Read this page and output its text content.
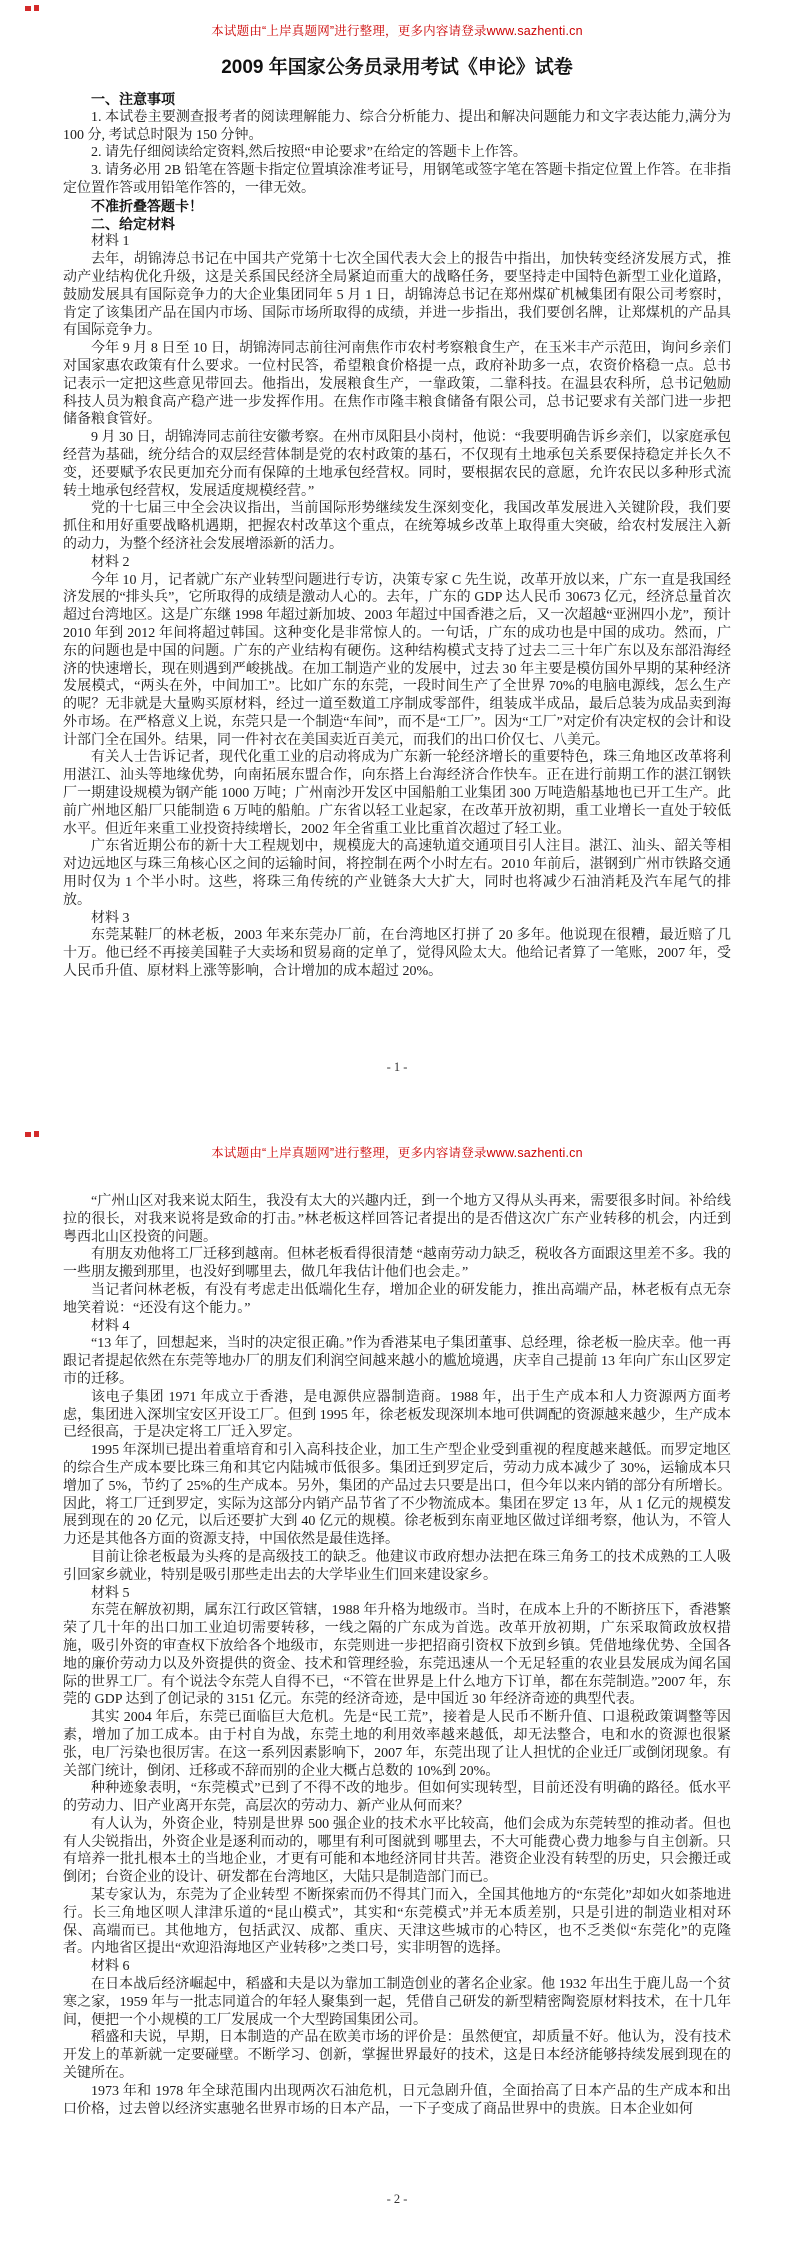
本试题由“上岸真题网”进行整理，更多内容请登录www.sazhenti.cn
2009 年国家公务员录用考试《申论》试卷

一、注意事项

1. 本试卷主要测查报考者的阅读理解能力、综合分析能力、提出和解决问题能力和文字表达能力,满分为 100 分, 考试总时限为 150 分钟。

2. 请先仔细阅读给定资料,然后按照“申论要求”在给定的答题卡上作答。

3. 请务必用 2B 铅笔在答题卡指定位置填涂准考证号，用钢笔或签字笔在答题卡指定位置上作答。在非指定位置作答或用铅笔作答的，一律无效。

不准折叠答题卡！

二、给定材料

材料 1

去年，胡锦涛总书记在中国共产党第十七次全国代表大会上的报告中指出，加快转变经济发展方式，推动产业结构优化升级，这是关系国民经济全局紧迫而重大的战略任务，要坚持走中国特色新型工业化道路，鼓励发展具有国际竞争力的大企业集团同年 5 月 1 日，胡锦涛总书记在郑州煤矿机械集团有限公司考察时，肯定了该集团产品在国内市场、国际市场所取得的成绩，并进一步指出，我们要创名牌，让郑煤机的产品具有国际竞争力。

今年 9 月 8 日至 10 日，胡锦涛同志前往河南焦作市农村考察粮食生产，在玉米丰产示范田，询问乡亲们对国家惠农政策有什么要求。一位村民答，希望粮食价格提一点，政府补助多一点，农资价格稳一点。总书记表示一定把这些意见带回去。他指出，发展粮食生产，一靠政策，二靠科技。在温县农科所，总书记勉励科技人员为粮食高产稳产进一步发挥作用。在焦作市隆丰粮食储备有限公司，总书记要求有关部门进一步把储备粮食管好。

9 月 30 日，胡锦涛同志前往安徽考察。在州市凤阳县小岗村，他说：“我要明确告诉乡亲们，以家庭承包经营为基础，统分结合的双层经营体制是党的农村政策的基石，不仅现有土地承包关系要保持稳定并长久不变，还要赋予农民更加充分而有保障的土地承包经营权。同时，要根据农民的意愿，允许农民以多种形式流转土地承包经营权，发展适度规模经营。”

党的十七届三中全会决议指出，当前国际形势继续发生深刻变化，我国改革发展进入关键阶段，我们要抓住和用好重要战略机遇期，把握农村改革这个重点，在统筹城乡改革上取得重大突破，给农村发展注入新的动力，为整个经济社会发展增添新的活力。

材料 2

今年 10 月，记者就广东产业转型问题进行专访，决策专家 C 先生说，改革开放以来，广东一直是我国经济发展的“排头兵”，它所取得的成绩是激动人心的。去年，广东的 GDP 达人民币 30673 亿元，经济总量首次超过台湾地区。这是广东继 1998 年超过新加坡、2003 年超过中国香港之后，又一次超越“亚洲四小龙”，预计 2010 年到 2012 年间将超过韩国。这种变化是非常惊人的。一句话，广东的成功也是中国的成功。然而，广东的问题也是中国的问题。广东的产业结构有硬伤。这种结构模式支持了过去二三十年广东以及东部沿海经济的快速增长，现在则遇到严峻挑战。在加工制造产业的发展中，过去 30 年主要是模仿国外早期的某种经济发展模式，“两头在外，中间加工”。比如广东的东莞，一段时间生产了全世界 70%的电脑电源线，怎么生产的呢？无非就是大量购买原材料，经过一道至数道工序制成零部件，组装成半成品，最后总装为成品卖到海外市场。在严格意义上说，东莞只是一个制造“车间”，而不是“工厂”。因为“工厂”对定价有决定权的会计和设计部门全在国外。结果，同一件衬衣在美国卖近百美元，而我们的出口价仅七、八美元。

有关人士告诉记者，现代化重工业的启动将成为广东新一轮经济增长的重要特色，珠三角地区改革将利用湛江、汕头等地缘优势，向南拓展东盟合作，向东搭上台海经济合作快车。正在进行前期工作的湛江钢铁厂一期建设规模为钢产能 1000 万吨；广州南沙开发区中国船舶工业集团 300 万吨造船基地也已开工生产。此前广州地区船厂只能制造 6 万吨的船舶。广东省以轻工业起家，在改革开放初期，重工业增长一直处于较低水平。但近年来重工业投资持续增长，2002 年全省重工业比重首次超过了轻工业。

广东省近期公布的新十大工程规划中，规模庞大的高速轨道交通项目引人注目。湛江、汕头、韶关等相对边远地区与珠三角核心区之间的运输时间，将控制在两个小时左右。2010 年前后，湛钢到广州市铁路交通用时仅为 1 个半小时。这些，将珠三角传统的产业链条大大扩大，同时也将减少石油消耗及汽车尾气的排放。

材料 3

东莞某鞋厂的林老板，2003 年来东莞办厂前，在台湾地区打拼了 20 多年。他说现在很糟，最近赔了几十万。他已经不再接美国鞋子大卖场和贸易商的定单了，觉得风险太大。他给记者算了一笔账，2007 年，受人民币升值、原材料上涨等影响，合计增加的成本超过 20%。

- 1 -
本试题由“上岸真题网”进行整理，更多内容请登录www.sazhenti.cn

“广州山区对我来说太陌生，我没有太大的兴趣内迁，到一个地方又得从头再来，需要很多时间。补给线拉的很长，对我来说将是致命的打击。”林老板这样回答记者提出的是否借这次广东产业转移的机会，内迁到粤西北山区投资的问题。

有朋友劝他将工厂迁移到越南。但林老板看得很清楚 “越南劳动力缺乏，税收各方面跟这里差不多。我的一些朋友搬到那里，也没好到哪里去，做几年我估计他们也会走。”

当记者问林老板，有没有考虑走出低端化生存，增加企业的研发能力，推出高端产品，林老板有点无奈地笑着说：“还没有这个能力。”

材料 4

“13 年了，回想起来，当时的决定很正确。”作为香港某电子集团董事、总经理，徐老板一脸庆幸。他一再跟记者提起依然在东莞等地办厂的朋友们利润空间越来越小的尴尬境遇，庆幸自己提前 13 年向广东山区罗定市的迁移。

该电子集团 1971 年成立于香港，是电源供应器制造商。1988 年，出于生产成本和人力资源两方面考虑，集团进入深圳宝安区开设工厂。但到 1995 年，徐老板发现深圳本地可供调配的资源越来越少，生产成本已经很高，于是决定将工厂迁入罗定。

1995 年深圳已提出着重培育和引入高科技企业，加工生产型企业受到重视的程度越来越低。而罗定地区的综合生产成本要比珠三角和其它内陆城市低很多。集团迁到罗定后，劳动力成本减少了 30%，运输成本只增加了 5%，节约了 25%的生产成本。另外，集团的产品过去只要是出口，但今年以来内销的部分有所增长。因此，将工厂迁到罗定，实际为这部分内销产品节省了不少物流成本。集团在罗定 13 年，从 1 亿元的规模发展到现在的 20 亿元，以后还要扩大到 40 亿元的规模。徐老板到东南亚地区做过详细考察，他认为，不管人力还是其他各方面的资源支持，中国依然是最佳选择。

目前让徐老板最为头疼的是高级技工的缺乏。他建议市政府想办法把在珠三角务工的技术成熟的工人吸引回家乡就业，特别是吸引那些走出去的大学毕业生们回来建设家乡。

材料 5

东莞在解放初期，属东江行政区管辖，1988 年升格为地级市。当时，在成本上升的不断挤压下，香港繁荣了几十年的出口加工业迫切需要转移，一线之隔的广东成为首选。改革开放初期，广东采取简政放权措施，吸引外资的审查权下放给各个地级市，东莞则进一步把招商引资权下放到乡镇。凭借地缘优势、全国各地的廉价劳动力以及外资提供的资金、技术和管理经验，东莞迅速从一个无足轻重的农业县发展成为闻名国际的世界工厂。有个说法令东莞人自得不已，“不管在世界是上什么地方下订单，都在东莞制造。”2007 年，东莞的 GDP 达到了创记录的 3151 亿元。东莞的经济奇迹，是中国近 30 年经济奇迹的典型代表。

其实 2004 年后，东莞已面临巨大危机。先是“民工荒”，接着是人民币不断升值、口退税政策调整等因素，增加了加工成本。由于村自为战，东莞土地的利用效率越来越低，却无法整合，电和水的资源也很紧张，电厂污染也很厉害。在这一系列因素影响下，2007 年，东莞出现了让人担忧的企业迁厂或倒闭现象。有关部门统计，倒闭、迁移或不辞而别的企业大概占总数的 10%到 20%。

种种迹象表明，“东莞模式”已到了不得不改的地步。但如何实现转型，目前还没有明确的路径。低水平的劳动力、旧产业离开东莞，高层次的劳动力、新产业从何而来？

有人认为，外资企业，特别是世界 500 强企业的技术水平比较高，他们会成为东莞转型的推动者。但也有人尖锐指出，外资企业是逐利而动的，哪里有利可图就到 哪里去，不大可能费心费力地参与自主创新。只有培养一批扎根本土的当地企业，才更有可能和本地经济同甘共苦。港资企业没有转型的历史，只会搬迁或倒闭；台资企业的设计、研发都在台湾地区，大陆只是制造部门而已。

某专家认为，东莞为了企业转型 不断探索而仍不得其门而入，全国其他地方的“东莞化”却如火如荼地进行。长三角地区呗人津津乐道的“昆山模式”，其实和“东莞模式”并无本质差别，只是引进的制造业相对环保、高端而已。其他地方，包括武汉、成都、重庆、天津这些城市的心特区，也不乏类似“东莞化”的克隆者。内地省区提出“欢迎沿海地区产业转移”之类口号，实非明智的选择。

材料 6

在日本战后经济崛起中，稻盛和夫是以为靠加工制造创业的著名企业家。他 1932 年出生于鹿儿岛一个贫寒之家，1959 年与一批志同道合的年轻人聚集到一起，凭借自己研发的新型精密陶瓷原材料技术，在十几年间，便把一个小规模的工厂发展成一个大型跨国集团公司。

稻盛和夫说，早期，日本制造的产品在欧美市场的评价是：虽然便宜，却质量不好。他认为，没有技术开发上的革新就一定要碰壁。不断学习、创新，掌握世界最好的技术，这是日本经济能够持续发展到现在的关键所在。

1973 年和 1978 年全球范围内出现两次石油危机，日元急剧升值，全面抬高了日本产品的生产成本和出口价格，过去曾以经济实惠驰名世界市场的日本产品，一下子变成了商品世界中的贵族。日本企业如何

- 2 -
